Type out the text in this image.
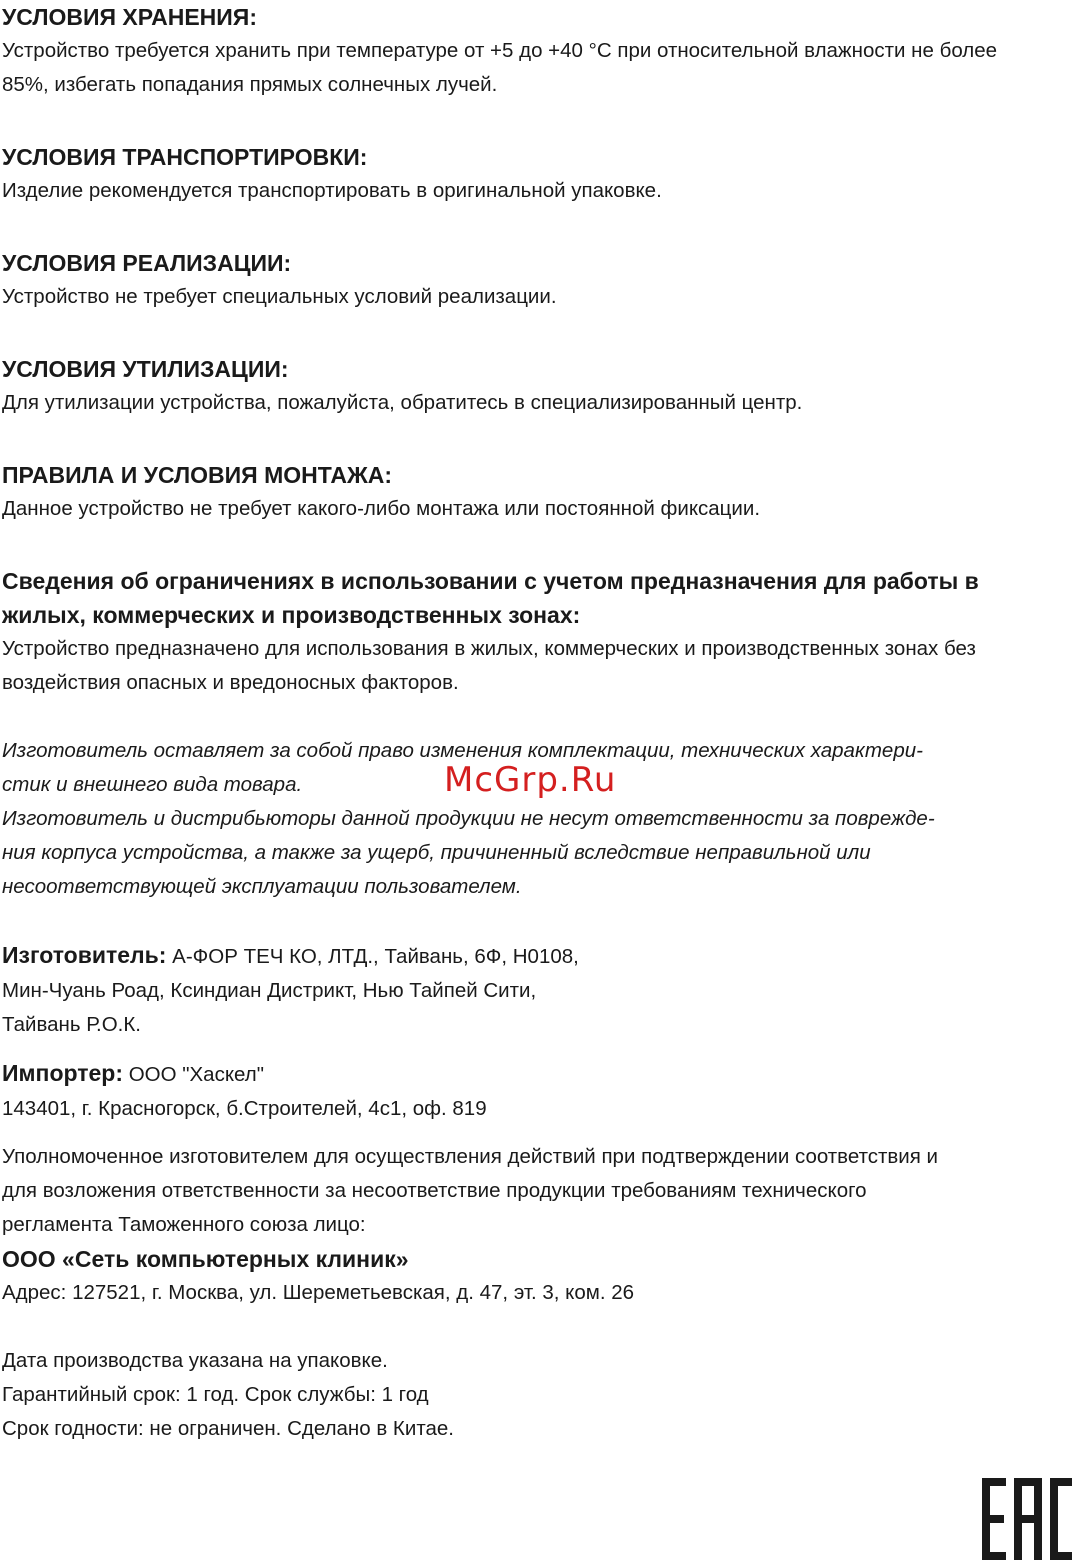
УСЛОВИЯ ХРАНЕНИЯ:

Устройство требуется хранить при температуре от +5 до +40 °С при относительной влажности не более

85%, избегать попадания прямых солнечных лучей.

УСЛОВИЯ ТРАНСПОРТИРОВКИ:

Изделие рекомендуется транспортировать в оригинальной упаковке.

УСЛОВИЯ РЕАЛИЗАЦИИ:

Устройство не требует специальных условий реализации.

УСЛОВИЯ УТИЛИЗАЦИИ:

Для утилизации устройства, пожалуйста, обратитесь в специализированный центр.

ПРАВИЛА И УСЛОВИЯ МОНТАЖА:

Данное устройство не требует какого-либо монтажа или постоянной фиксации.

Сведения об ограничениях в использовании с учетом предназначения для работы в

жилых, коммерческих и производственных зонах:

Устройство предназначено для использования в жилых, коммерческих и производственных зонах без

воздействия опасных и вредоносных факторов.

Изготовитель оставляет за собой право изменения комплектации, технических характери-

стик и внешнего вида товара.

Изготовитель и дистрибьюторы данной продукции не несут ответственности за поврежде-

ния корпуса устройства, а также за ущерб, причиненный вследствие неправильной или

несоответствующей эксплуатации пользователем.

Изготовитель: А-ФОР ТЕЧ КО, ЛТД., Тайвань, 6Ф, Н0108,

Мин-Чуань Роад, Ксиндиан Дистрикт, Нью Тайпей Сити,

Тайвань Р.О.К.

Импортер: ООО "Хаскел"

143401, г. Красногорск, б.Строителей, 4с1, оф. 819

Уполномоченное изготовителем для осуществления действий при подтверждении соответствия и

для возложения ответственности за несоответствие продукции требованиям технического

регламента Таможенного союза лицо:

ООО «Сеть компьютерных клиник»

Адрес: 127521, г. Москва, ул. Шереметьевская, д. 47, эт. 3, ком. 26

Дата производства указана на упаковке.

Гарантийный срок: 1 год. Срок службы: 1 год

Срок годности: не ограничен. Сделано в Китае.

McGrp.Ru
